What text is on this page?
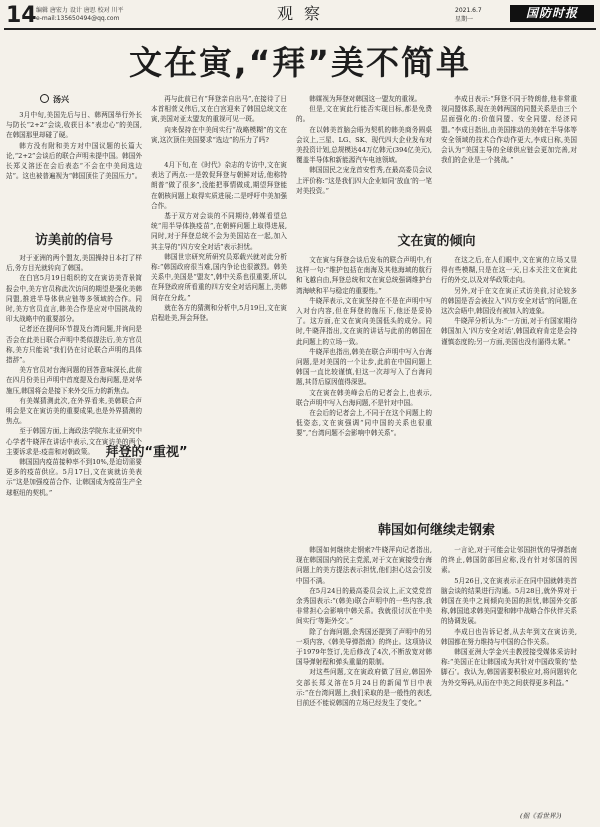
14 编辑 唐宏力 设计 唐思 校对 川平
e-mail:135650494@qq.com	观 察	2021.6.7
星期一	国防时报
文在寅,“拜”美不简单
汤兴

3月中旬,美国先后与日、韩两国举行外长与防长“2+2”会谈,收获日本“表忠心”的美国,在韩国那里却碰了硬。

韩方没有附和美方对中国议题的长篇大论,“2+2”会谈后的联合声明未提中国。韩国外长郑义溶还在会后表态“不会在中美间选边站”。这也被普遍视为“韩国顶住了美国压力”。

访美前的信号

对于亚洲的两个盟友,美国操持日本打了样后,务方目光就转向了韩国。

在白宫5月19日组织的文在寅访美背景简报会中,美方官员称此次访问的期望是强化美韩同盟,推进半导体供应链等多领域的合作。同时,美方官员直言,韩美合作是应对中国挑战的印太战略中的重要部分。

记者还在提问环节提及台湾问题,并询问是否会在此美日联合声明中类似提法后,美方官员称,美方只能说“我们仍在讨论联合声明的具体措辞”。

美方官员对台海问题的回答意味深长,此前在四月份美日声明中首度提及台海问题,是对华施压,韩国将会是接下来外交压力的新焦点。

有美媒猜测此次,在外界看来,美韩联合声明会是文在寅访美的重要成果,也是外界猜测的焦点。

至于韩国方面,上海政法学院东北亚研究中心学者牛晓萍在讲话中表示,文在寅访美的两个主要诉求是:疫苗和对朝政策。

韩国国内疫苗接种率不到10%,是迫切需要更多的疫苗供应。5月17日,文在寅就访美表示“这是加强疫苗合作、让韩国成为疫苗生产全球枢纽的契机。”

再与此前已有“拜登亲自出马”,在接待了日本首相菅义伟后,又在白宫迎来了韩国总统文在寅,美国对亚太盟友的重视可见一斑。

向来保持在中美间实行“战略模糊”的文在寅,这次顶住美国要求“选边”的压力了吗?

4月下旬,在《时代》杂志的专访中,文在寅表达了两点:一是敦促拜登与朝鲜对话,他称特朗普“做了很多”,没能把事情做成,期望拜登能在朝核问题上取得实质进展;二是呼吁中美加强合作。

基于双方对会谈的不同期待,韩媒看望总统“用半导体换疫苗”,在朝鲜问题上取得进展,同时,对于拜登总统不会为美国站在一起,加入其主导的“四方安全对话”表示担忧。

韩国世宗研究所研究员郑载兴就对此分析称:“韩国政府很当难,国内争论也很激烈。韩美关系中,美国是“盟友”,韩中关系也很重要,所以,在拜登政府所看重的四方安全对话问题上,美韩间存在分歧。”

就在各方的猜测和分析中,5月19日,文在寅启程赴美,拜会拜登。

拜登的“重视”

韩媒视为拜登对韩国这一盟友的重视。

但是,文在寅此行能否实现目标,都是免费的。

在以韩美首脑会晤为契机的韩美商务圆桌会议上,三星、LG、SK、现代四大企业发布对美投资计划,总规模达44万亿韩元(394亿美元),覆盖半导体和新能源汽车电池领域。

韩国国民之宠龙首安哲秀,在最高委员会议上评价称:“这是我们四大企业如同‘放血’的一笔对美投资。”

李成日表示:“拜登不同于特朗普,他非常重视同盟体系,现在美韩两国的同盟关系是由三个层面强化的:价值同盟、安全同盟、经济同盟。”李成日指出,由美国推动的美韩在半导体等安全领域的技术合作动作更大,李成日称,美国会认为“美国主导的全球供应链会更加完善,对我们的企业是一个挑战。”

文在寅的倾向

文在寅与拜登会谈后发布的联合声明中,有这样一句:“维护包括在南海及其他海域的航行和飞越自由,拜登总统和文在寅总统强调维护台湾海峡和平与稳定的重要性。”

牛晓萍表示,文在寅坚持在不是在声明中写入对台内容,但在拜登的施压下,他还是妥协了。这方面,在文在寅向美国低头的成分。同时,牛晓萍指出,文在寅的讲话与此前的韩国在此问题上的立场一致。

牛晓萍也指出,韩美在联合声明中写入台海问题,是对美国的一个让步,此前在中国问题上韩国一直比较谨慎,但这一次却写入了台海问题,其背后原因值得深思。

文在寅在韩美峰会后的记者会上,也表示,联合声明中写入台海问题,不是针对中国。

在会后的记者会上,不同于在这个问题上的低姿态,文在寅强调“同中国的关系也很重要”,“台湾问题不会影响中韩关系”。

在这之后,在人们眼中,文在寅的立场又显得有些模糊,只是在这一天,日本关注文在寅此行的外交,以及对华政策走向。

另外,对于在文在寅正式访美前,讨论较多的韩国是否会被拉入“四方安全对话”的问题,在这次会晤中,韩国没有被加入的迹象。

牛晓萍分析认为:“一方面,对于有国家期待韩国加入‘四方安全对话’,韩国政府肯定是会持谨慎态度的;另一方面,美国也没有逼得太紧。”

韩国如何继续走钢索

韩国如何继续走钢索?牛晓萍向记者指出,现在韩国国内的民主党派,对于文在寅接受台海问题上的美方提法表示担忧,他们担心这会引发中国不满。

在5月24日的最高委员会议上,正文党党首余秀国表示:“(韩美)联合声明中的一些内容,我非常担心会影响中韩关系。我就很讨厌在中美间实行‘等距外交’。”

除了台海问题,余秀国还提到了声明中的另一项内容,《韩美导弹指南》的终止。这项协议于1979年签订,先后修改了4次,不断放宽对韩国导弹射程和弹头重量的限制。

对这些问题,文在寅政府做了回应,韩国外交部长郑义溶在5月24日的新闻节目中表示:“在台湾问题上,我们采取的是一般性的表述,目前还不能说韩国的立场已经发生了变化。”

一言论,对于可能会让邻国担忧的导弹指南的终止,韩国防部回应称,没有针对邻国的因素。

5月26日,文在寅表示正在同中国就韩美首脑会谈的结果进行沟通。5月28日,就外界对于韩国在美中之间倾向美国的担忧,韩国外交部称,韩国追求韩美同盟和韩中战略合作伙伴关系的协调发展。

李成日也告诉记者,从去年到文在寅访美,韩国都在努力维持与中国的合作关系。

韩国亚洲大学金兴圭教授接受媒体采访时称:“美国正在让韩国成为其针对中国政策的‘垫脚石’。我认为,韩国需要积极应对,将问题转化为外交筹码,从而在中美之间获得更多利益。”

(据《看世界》)
